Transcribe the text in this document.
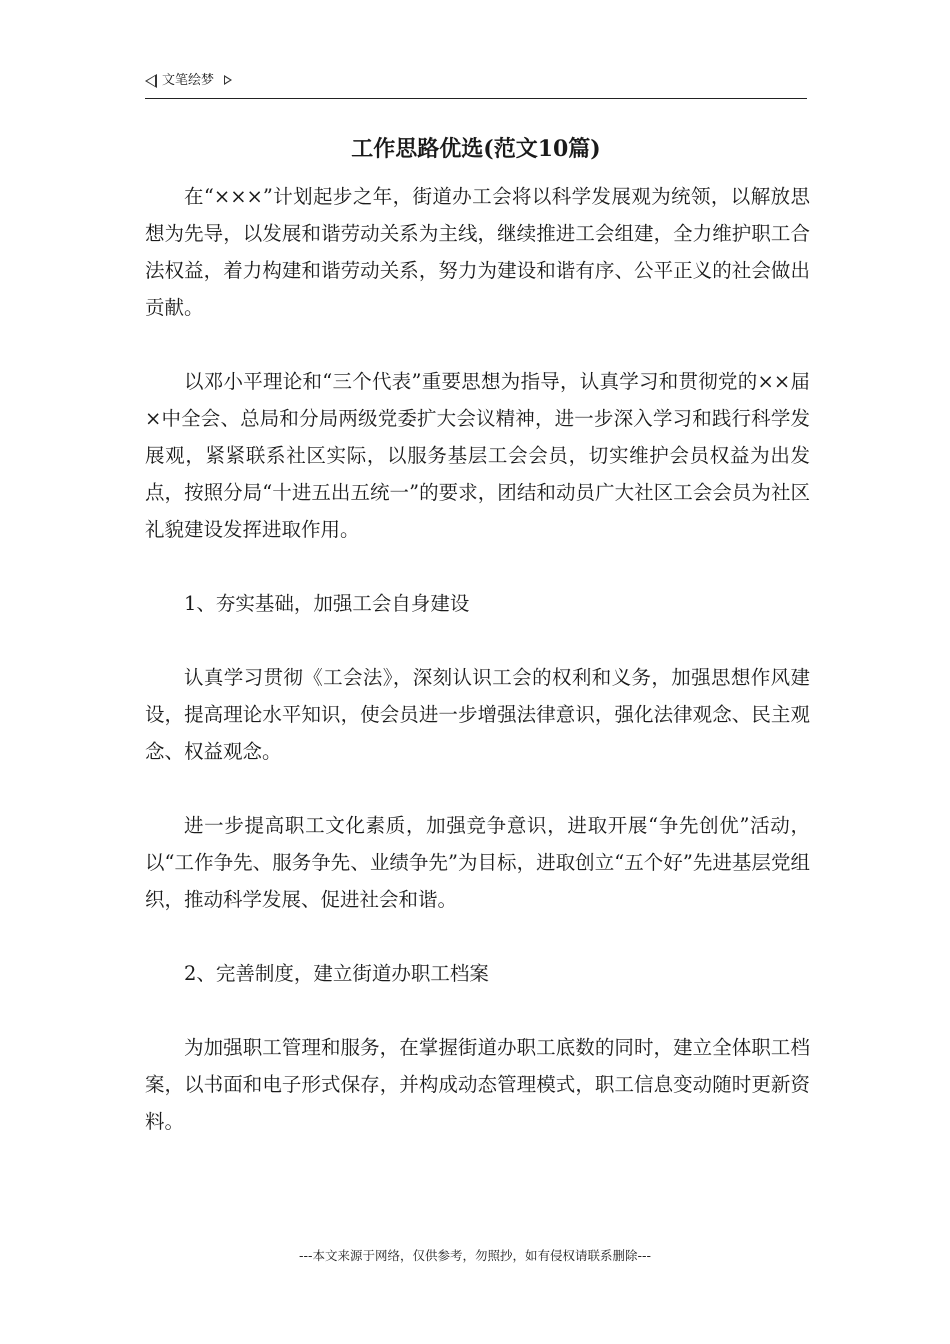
文笔绘梦
工作思路优选(范文10篇)

在“×××”计划起步之年，街道办工会将以科学发展观为统领，以解放思想为先导，以发展和谐劳动关系为主线，继续推进工会组建，全力维护职工合法权益，着力构建和谐劳动关系，努力为建设和谐有序、公平正义的社会做出贡献。

以邓小平理论和“三个代表”重要思想为指导，认真学习和贯彻党的××届×中全会、总局和分局两级党委扩大会议精神，进一步深入学习和践行科学发展观，紧紧联系社区实际，以服务基层工会会员，切实维护会员权益为出发点，按照分局“十进五出五统一”的要求，团结和动员广大社区工会会员为社区礼貌建设发挥进取作用。

1、夯实基础，加强工会自身建设

认真学习贯彻《工会法》，深刻认识工会的权利和义务，加强思想作风建设，提高理论水平知识，使会员进一步增强法律意识，强化法律观念、民主观念、权益观念。

进一步提高职工文化素质，加强竞争意识，进取开展“争先创优”活动，以“工作争先、服务争先、业绩争先”为目标，进取创立“五个好”先进基层党组织，推动科学发展、促进社会和谐。

2、完善制度，建立街道办职工档案

为加强职工管理和服务，在掌握街道办职工底数的同时，建立全体职工档案，以书面和电子形式保存，并构成动态管理模式，职工信息变动随时更新资料。

---本文来源于网络，仅供参考，勿照抄，如有侵权请联系删除---
